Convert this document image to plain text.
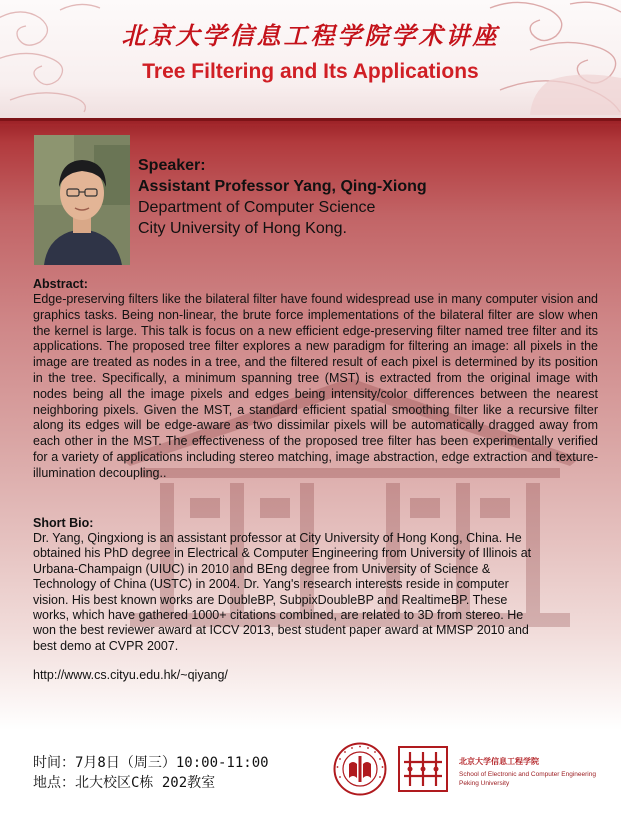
北京大学信息工程学院学术讲座
Tree Filtering and Its Applications
Speaker:
Assistant Professor Yang, Qing-Xiong
Department of Computer Science
City University of Hong Kong.
Abstract:

Edge-preserving filters like the bilateral filter have found widespread use in many computer vision and graphics tasks. Being non-linear, the brute force implementations of the bilateral filter are slow when the kernel is large. This talk is focus on a new efficient edge-preserving filter named tree filter and its applications. The proposed tree filter explores a new paradigm for filtering an image: all pixels in the image are treated as nodes in a tree, and the filtered result of each pixel is determined by its position in the tree. Specifically, a minimum spanning tree (MST) is extracted from the original image with nodes being all the image pixels and edges being intensity/color differences between the nearest neighboring pixels. Given the MST, a standard efficient spatial smoothing filter like a recursive filter along its edges will be edge-aware as two dissimilar pixels will be automatically dragged away from each other in the MST. The effectiveness of the proposed tree filter has been experimentally verified for a variety of applications including stereo matching, image abstraction, edge extraction and texture-illumination decoupling..

Short Bio:
Dr. Yang, Qingxiong is an assistant professor at City University of Hong Kong, China. He
obtained his PhD degree in Electrical & Computer Engineering from University of Illinois at
Urbana-Champaign (UIUC) in 2010 and BEng degree from University of Science &
Technology of China (USTC) in 2004. Dr. Yang's research interests reside in computer
vision. His best known works are DoubleBP, SubpixDoubleBP and RealtimeBP. These
works, which have gathered 1000+ citations combined, are related to 3D from stereo. He
won the best reviewer award at ICCV 2013, best student paper award at MMSP 2010 and
best demo at CVPR 2007.
http://www.cs.cityu.edu.hk/~qiyang/
时间：7月8日（周三）10:00-11:00
地点：北大校区C栋 202教室
北京大学信息工程学院
School of Electronic and Computer Engineering
Peking University
